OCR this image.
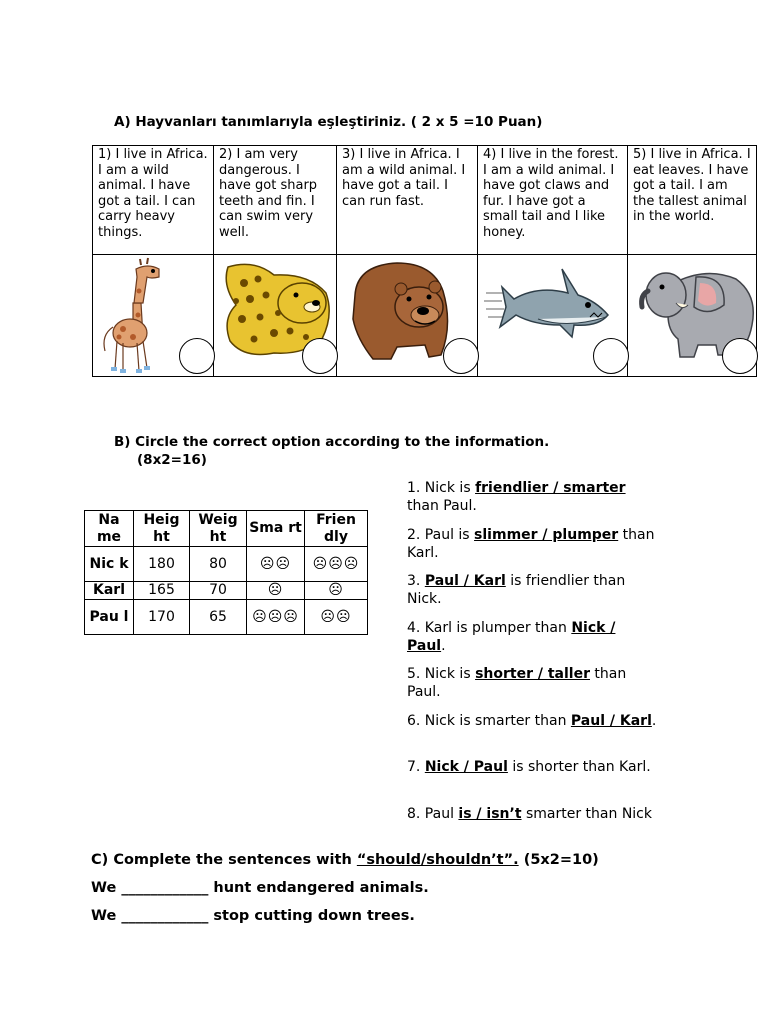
A) Hayvanları tanımlarıyla eşleştiriniz. ( 2 x 5 =10 Puan)
1) I live in Africa. I am a wild animal. I have got a tail. I can carry heavy things.	2) I am very dangerous. I have got sharp teeth and fin. I can swim very well.	3) I live in Africa. I am a wild animal. I have got a tail. I can run fast.	4) I live in the forest. I am a wild animal. I have got claws and fur. I have got a small tail and I like honey.	5) I live in Africa. I eat leaves. I have got a tail. I am the tallest animal in the world.

B) Circle the correct option according to the information.
(8x2=16)
Na me	Heig ht	Weig ht	Sma rt	Frien dly
Nic k	180	80	☹☹	☹☹☹
Karl	165	70	☹	☹
Pau l	170	65	☹☹☹	☹☹
1. Nick is friendlier / smarter than Paul.
2. Paul is slimmer / plumper than Karl.
3. Paul / Karl is friendlier than Nick.
4. Karl is plumper than Nick / Paul.
5. Nick is shorter / taller than Paul.
6. Nick is smarter than Paul / Karl.
7. Nick / Paul is shorter than Karl.
8. Paul is / isn’t smarter than Nick
C) Complete the sentences with “should/shouldn’t”. (5x2=10)
We ____________ hunt endangered animals.
We ____________ stop cutting down trees.
